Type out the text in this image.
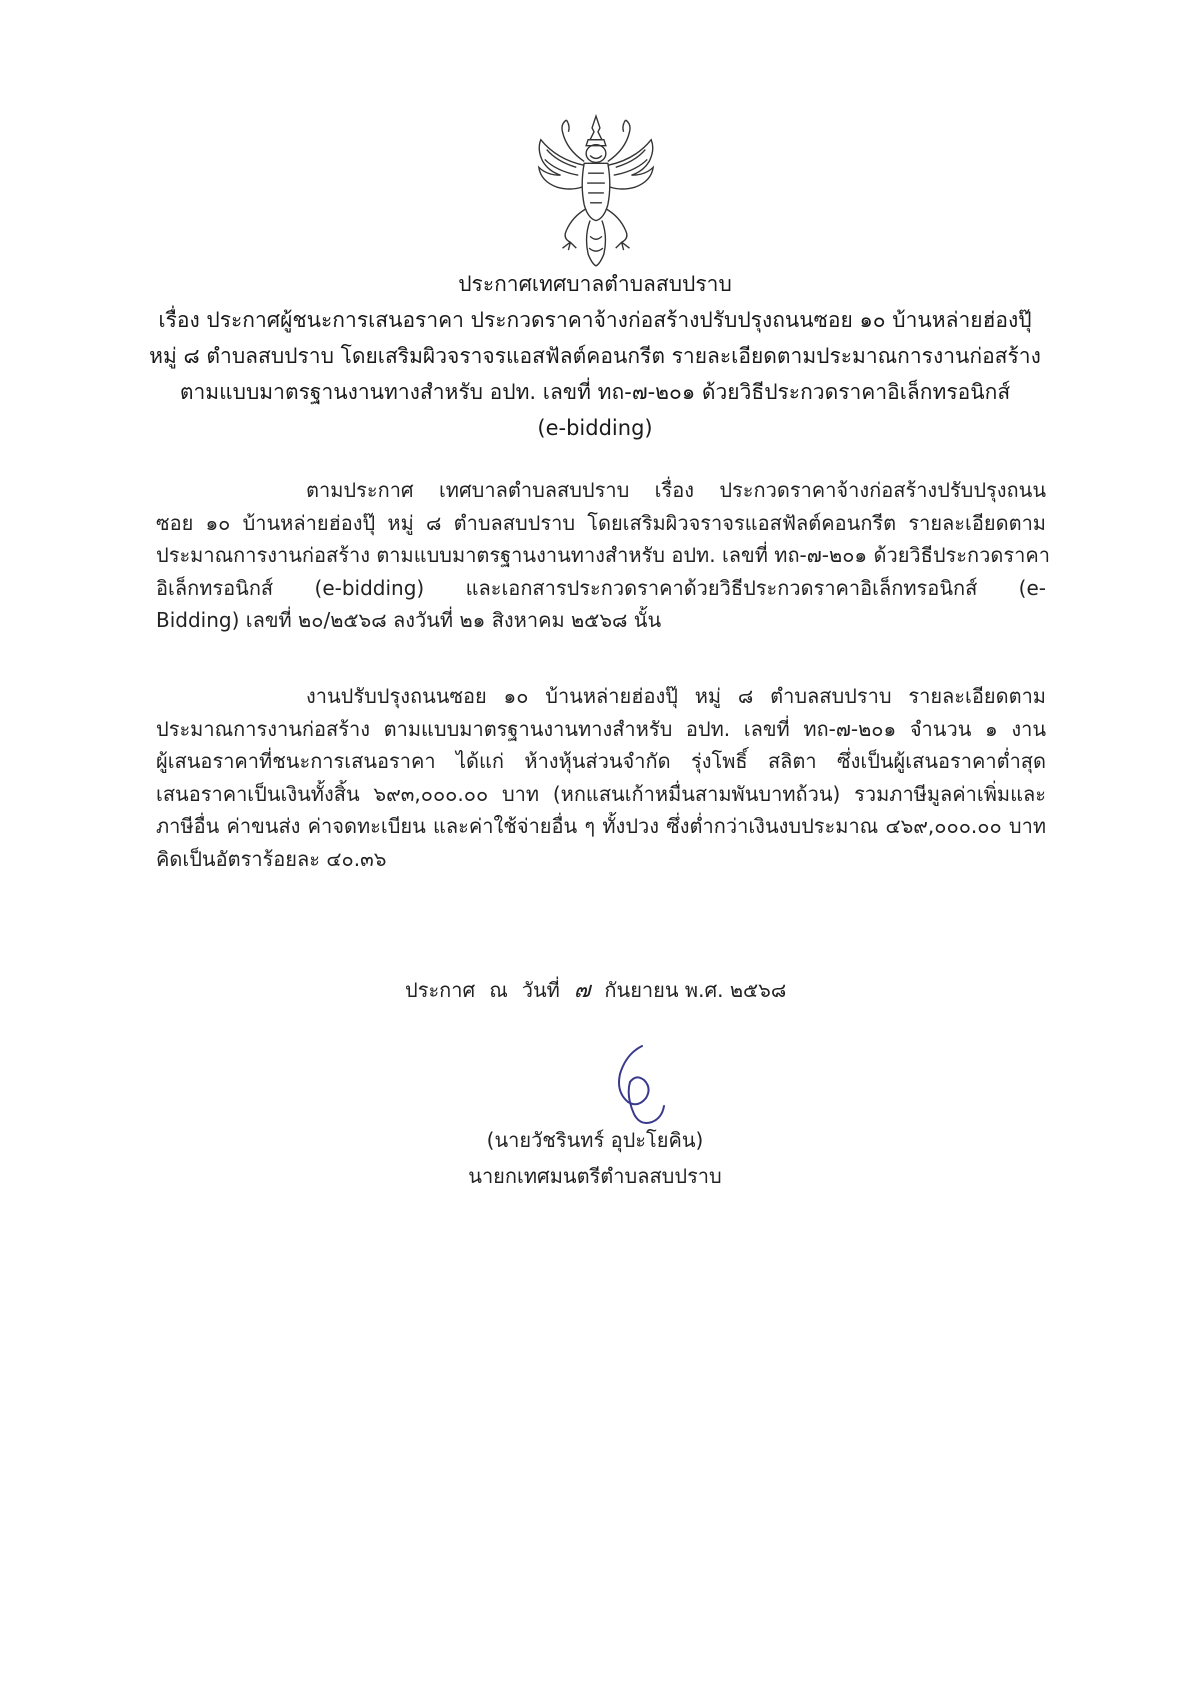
ประกาศเทศบาลตำบลสบปราบ
เรื่อง ประกาศผู้ชนะการเสนอราคา ประกวดราคาจ้างก่อสร้างปรับปรุงถนนซอย ๑๐ บ้านหล่ายฮ่องปุ๊
หมู่ ๘ ตำบลสบปราบ โดยเสริมผิวจราจรแอสฟัลต์คอนกรีต รายละเอียดตามประมาณการงานก่อสร้าง
ตามแบบมาตรฐานงานทางสำหรับ อปท. เลขที่ ทถ-๗-๒๐๑ ด้วยวิธีประกวดราคาอิเล็กทรอนิกส์
(e-bidding)
ตามประกาศ เทศบาลตำบลสบปราบ เรื่อง ประกวดราคาจ้างก่อสร้างปรับปรุงถนน
ซอย ๑๐ บ้านหล่ายฮ่องปุ๊ หมู่ ๘ ตำบลสบปราบ โดยเสริมผิวจราจรแอสฟัลต์คอนกรีต รายละเอียดตาม
ประมาณการงานก่อสร้าง ตามแบบมาตรฐานงานทางสำหรับ อปท. เลขที่ ทถ-๗-๒๐๑ ด้วยวิธีประกวดราคา
อิเล็กทรอนิกส์ (e-bidding) และเอกสารประกวดราคาด้วยวิธีประกวดราคาอิเล็กทรอนิกส์ (e-
Bidding) เลขที่ ๒๐/๒๕๖๘ ลงวันที่ ๒๑ สิงหาคม ๒๕๖๘ นั้น
งานปรับปรุงถนนซอย ๑๐ บ้านหล่ายฮ่องปุ๊ หมู่ ๘ ตำบลสบปราบ รายละเอียดตาม
ประมาณการงานก่อสร้าง ตามแบบมาตรฐานงานทางสำหรับ อปท. เลขที่ ทถ-๗-๒๐๑ จำนวน ๑ งาน
ผู้เสนอราคาที่ชนะการเสนอราคา ได้แก่ ห้างหุ้นส่วนจำกัด รุ่งโพธิ์ สลิตา ซึ่งเป็นผู้เสนอราคาต่ำสุด
เสนอราคาเป็นเงินทั้งสิ้น ๖๙๓,๐๐๐.๐๐ บาท (หกแสนเก้าหมื่นสามพันบาทถ้วน) รวมภาษีมูลค่าเพิ่มและ
ภาษีอื่น ค่าขนส่ง ค่าจดทะเบียน และค่าใช้จ่ายอื่น ๆ ทั้งปวง ซึ่งต่ำกว่าเงินงบประมาณ ๔๖๙,๐๐๐.๐๐ บาท
คิดเป็นอัตราร้อยละ ๔๐.๓๖
ประกาศ ณ วันที่ ๗ กันยายน พ.ศ. ๒๕๖๘
(นายวัชรินทร์ อุปะโยคิน)
นายกเทศมนตรีตำบลสบปราบ
